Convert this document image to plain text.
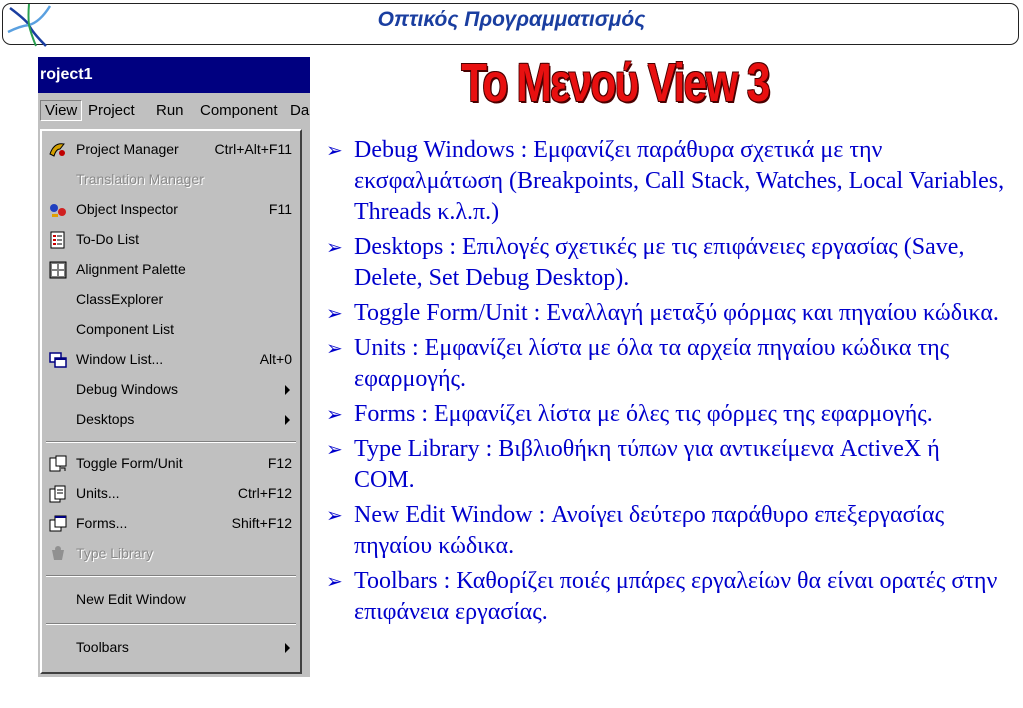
Οπτικός Προγραμματισμός
Το Μενού View 3
roject1
View Project Run Component Da
Project Manager	Ctrl+Alt+F11
Translation Manager
Object Inspector	F11
To-Do List
Alignment Palette
ClassExplorer
Component List
Window List...	Alt+0
Debug Windows
Desktops
Toggle Form/Unit	F12
Units...	Ctrl+F12
Forms...	Shift+F12
Type Library
New Edit Window
Toolbars
➢ Debug Windows : Εμφανίζει παράθυρα σχετικά με την εκσφαλμάτωση (Breakpoints, Call Stack, Watches, Local Variables, Threads κ.λ.π.)
➢ Desktops : Επιλογές σχετικές με τις επιφάνειες εργασίας (Save, Delete, Set Debug Desktop).
➢ Toggle Form/Unit : Εναλλαγή μεταξύ φόρμας και πηγαίου κώδικα.
➢ Units : Εμφανίζει λίστα με όλα τα αρχεία πηγαίου κώδικα της εφαρμογής.
➢ Forms : Εμφανίζει λίστα με όλες τις φόρμες της εφαρμογής.
➢ Type Library : Βιβλιοθήκη τύπων για αντικείμενα ActiveX ή COM.
➢ New Edit Window : Ανοίγει δεύτερο παράθυρο επεξεργασίας πηγαίου κώδικα.
➢ Toolbars : Καθορίζει ποιές μπάρες εργαλείων θα είναι ορατές στην επιφάνεια εργασίας.
